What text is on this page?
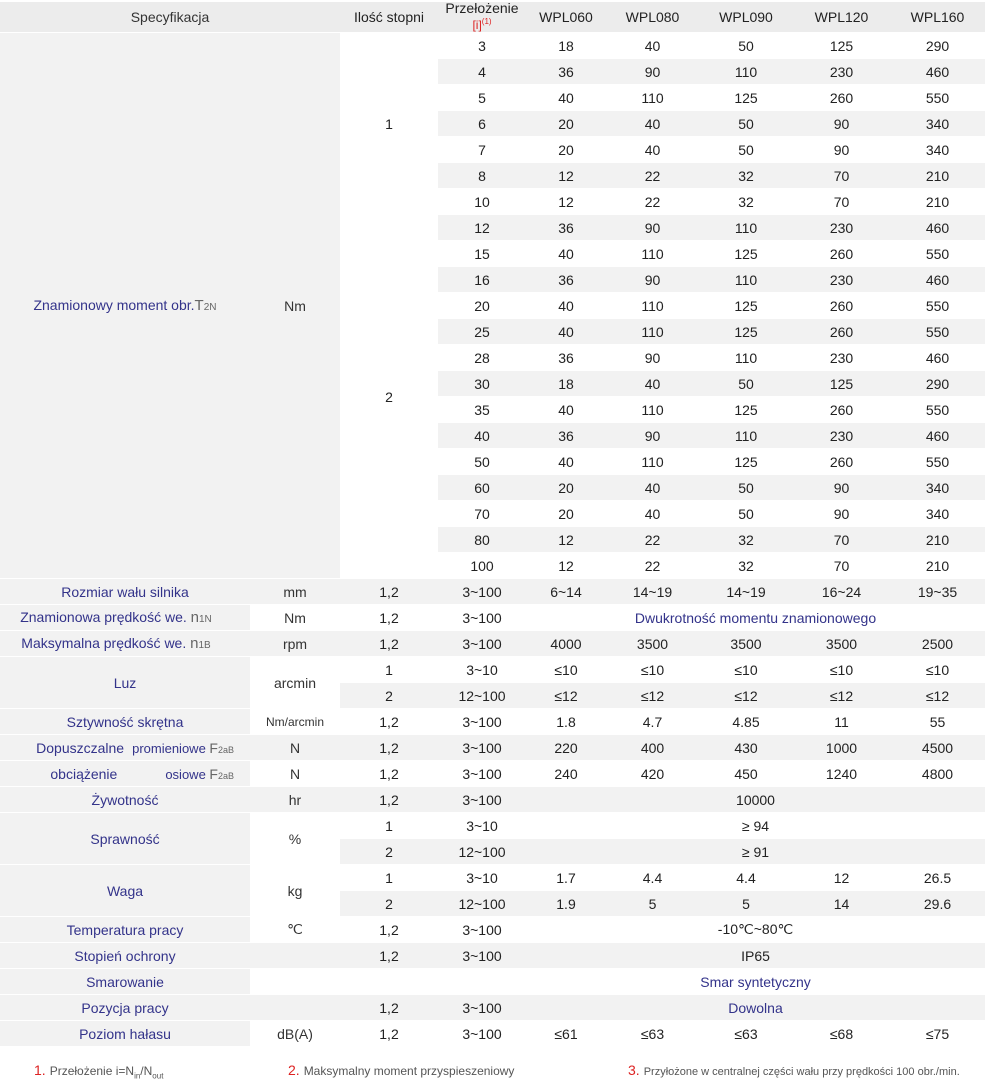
Specyfikacja		Ilość stopni	Przełożenie
$[i]^{(1)}$	WPL060	WPL080	WPL090	WPL120	WPL160
Znamionowy moment obr.T2N	Nm	1	3	18	40	50	125	290
			4	36	90	110	230	460
			5	40	110	125	260	550
			6	20	40	50	90	340
			7	20	40	50	90	340
			8	12	22	32	70	210
			10	12	22	32	70	210
		2	12	36	90	110	230	460
			15	40	110	125	260	550
			16	36	90	110	230	460
			20	40	110	125	260	550
			25	40	110	125	260	550
			28	36	90	110	230	460
			30	18	40	50	125	290
			35	40	110	125	260	550
			40	36	90	110	230	460
			50	40	110	125	260	550
			60	20	40	50	90	340
			70	20	40	50	90	340
			80	12	22	32	70	210
			100	12	22	32	70	210
Rozmiar wału silnika	mm	1,2	3~100	6~14	14~19	14~19	16~24	19~35
Znamionowa prędkość we. n1N	Nm	1,2	3~100	Dwukrotność momentu znamionowego				
Maksymalna prędkość we. n1B	rpm	1,2	3~100	4000	3500	3500	3500	2500
Luz	arcmin	1	3~10	≤10	≤10	≤10	≤10	≤10
		2	12~100	≤12	≤12	≤12	≤12	≤12
Sztywność skrętna	Nm/arcmin	1,2	3~100	1.8	4.7	4.85	11	55

Dopuszczalne promieniowe F2aB	N	1,2	3~100	220	400	430	1000	4500

obciążenie osiowe F2aB	N	1,2	3~100	240	420	450	1240	4800
Żywotność	hr	1,2	3~100	10000				
Sprawność	%	1	3~10	≥ 94				
		2	12~100	≥ 91				
Waga	kg	1	3~10	1.7	4.4	4.4	12	26.5
		2	12~100	1.9	5	5	14	29.6
Temperatura pracy	℃	1,2	3~100	-10℃~80℃				
Stopień ochrony		1,2	3~100	IP65				
Smarowanie				Smar syntetyczny				
Pozycja pracy		1,2	3~100	Dowolna				
Poziom hałasu	dB(A)	1,2	3~100	≤61	≤63	≤63	≤68	≤75
1. Przełożenie $i=N_{in}/N_{out}$	2. Maksymalny moment przyspieszeniowy	3. Przyłożone w centralnej części wału przy prędkości 100 obr./min.
